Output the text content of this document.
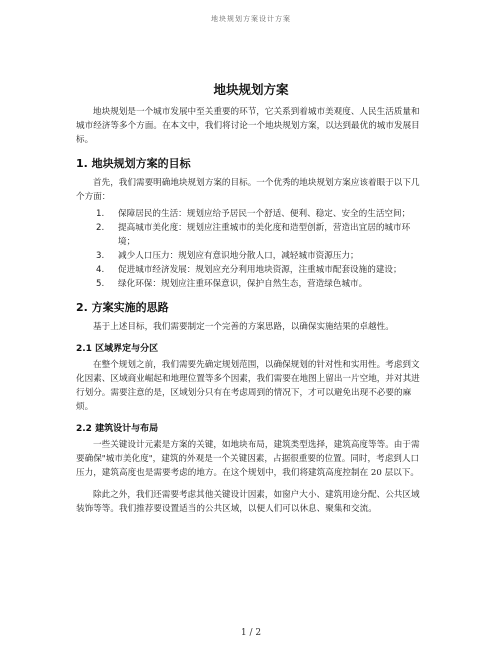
地块规划方案设计方案
地块规划方案

地块规划是一个城市发展中至关重要的环节，它关系到着城市美观度、人民生活质量和城市经济等多个方面。在本文中，我们将讨论一个地块规划方案，以达到最优的城市发展目标。

1. 地块规划方案的目标

首先，我们需要明确地块规划方案的目标。一个优秀的地块规划方案应该着眼于以下几个方面：

1. 保障居民的生活：规划应给予居民一个舒适、便利、稳定、安全的生活空间；
2. 提高城市美化度：规划应注重城市的美化度和造型创新，营造出宜居的城市环境；
3. 减少人口压力：规划应有意识地分散人口，减轻城市资源压力；
4. 促进城市经济发展：规划应充分利用地块资源，注重城市配套设施的建设；
5. 绿化环保：规划应注重环保意识，保护自然生态，营造绿色城市。
2. 方案实施的思路

基于上述目标，我们需要制定一个完善的方案思路，以确保实施结果的卓越性。

2.1 区域界定与分区

在整个规划之前，我们需要先确定规划范围，以确保规划的针对性和实用性。考虑到文化因素、区域商业崛起和地理位置等多个因素，我们需要在地图上留出一片空地，并对其进行划分。需要注意的是，区域划分只有在考虑周到的情况下，才可以避免出现不必要的麻烦。

2.2 建筑设计与布局

一些关键设计元素是方案的关键，如地块布局，建筑类型选择，建筑高度等等。由于需要确保"城市美化度"，建筑的外观是一个关键因素，占据很重要的位置。同时，考虑到人口压力，建筑高度也是需要考虑的地方。在这个规划中，我们将建筑高度控制在 20 层以下。

除此之外，我们还需要考虑其他关键设计因素，如窗户大小、建筑用途分配、公共区域装饰等等。我们推荐要设置适当的公共区域，以便人们可以休息、聚集和交流。

1 / 2
